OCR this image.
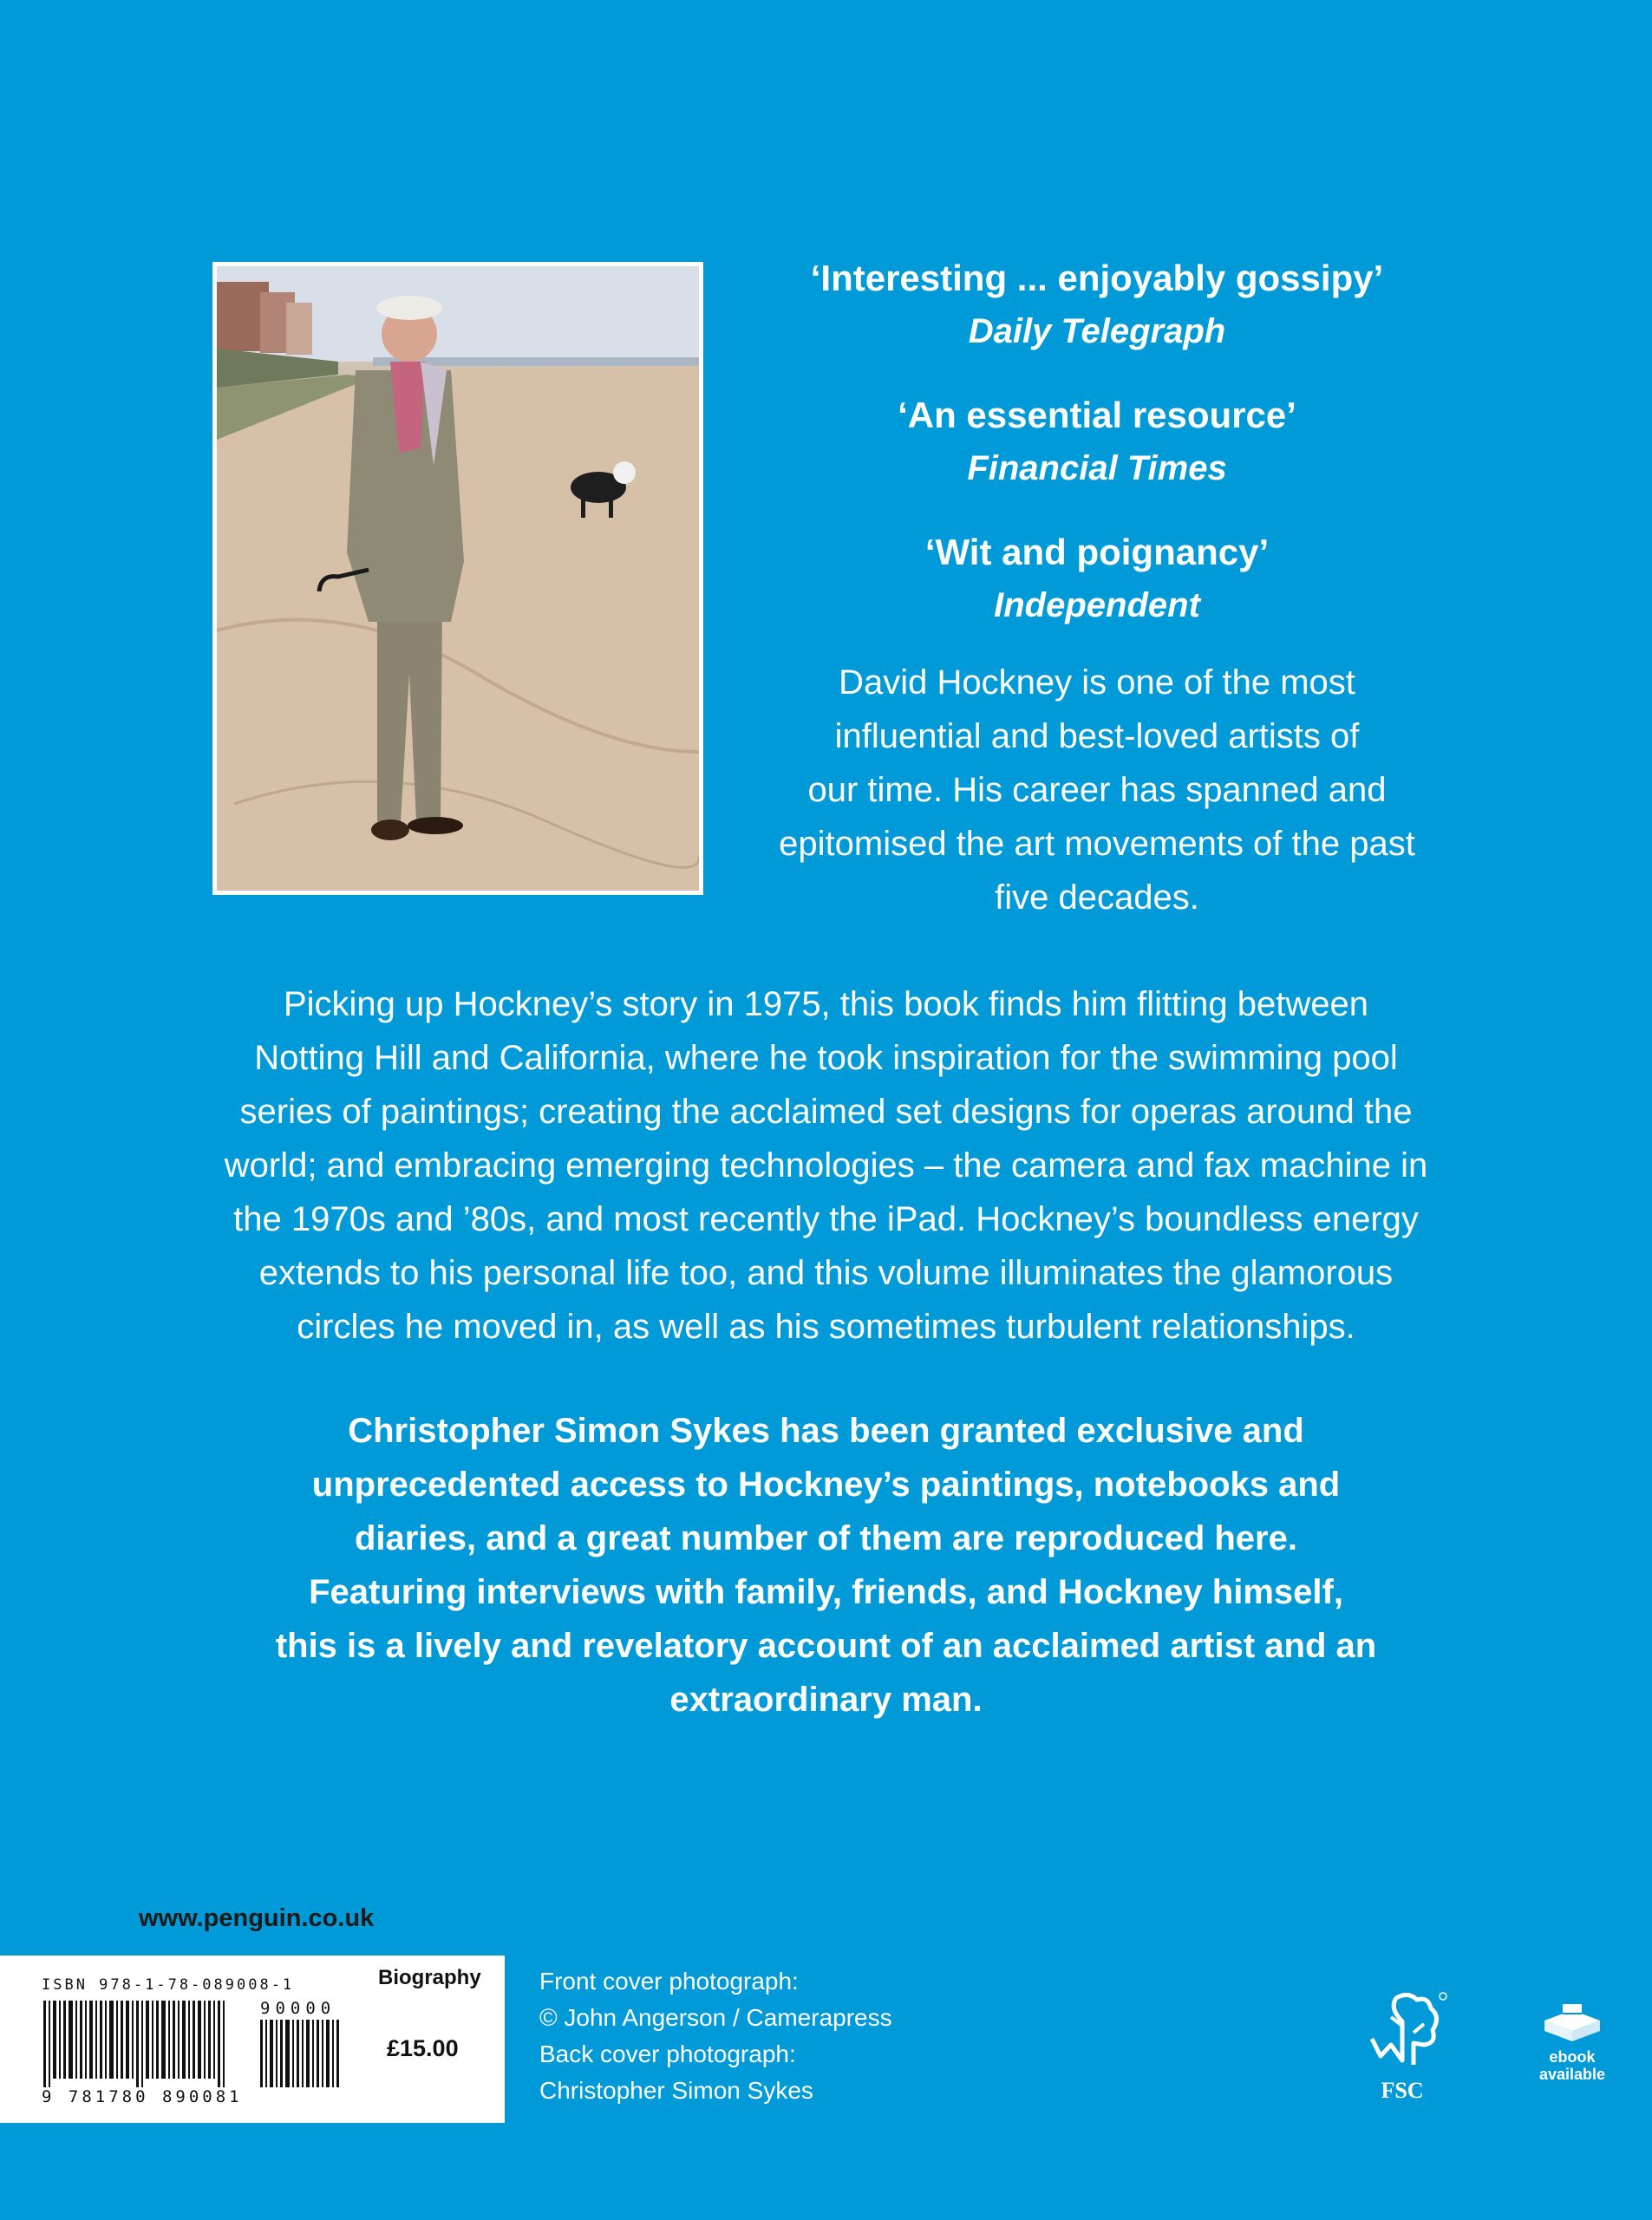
‘Interesting ... enjoyably gossipy’
Daily Telegraph
‘An essential resource’
Financial Times
‘Wit and poignancy’
Independent
David Hockney is one of the most
influential and best-loved artists of
our time. His career has spanned and
epitomised the art movements of the past
five decades.
Picking up Hockney’s story in 1975, this book finds him flitting between
Notting Hill and California, where he took inspiration for the swimming pool
series of paintings; creating the acclaimed set designs for operas around the
world; and embracing emerging technologies – the camera and fax machine in
the 1970s and ’80s, and most recently the iPad. Hockney’s boundless energy
extends to his personal life too, and this volume illuminates the glamorous
circles he moved in, as well as his sometimes turbulent relationships.
Christopher Simon Sykes has been granted exclusive and
unprecedented access to Hockney’s paintings, notebooks and
diaries, and a great number of them are reproduced here.
Featuring interviews with family, friends, and Hockney himself,
this is a lively and revelatory account of an acclaimed artist and an
extraordinary man.
www.penguin.co.uk
ISBN 978-1-78-089008-1
90000
9 781780 890081
Biography
£15.00
Front cover photograph:
© John Angerson / Camerapress
Back cover photograph:
Christopher Simon Sykes	FSC
ebook
available
